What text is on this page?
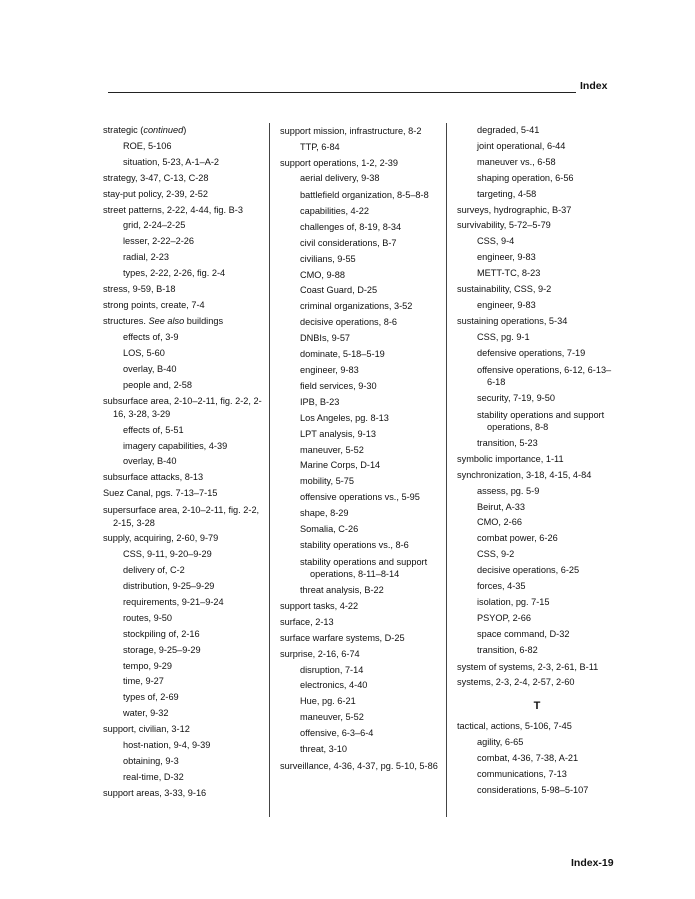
Index
strategic (continued)
ROE, 5-106
situation, 5-23, A-1–A-2
strategy, 3-47, C-13, C-28
stay-put policy, 2-39, 2-52
street patterns, 2-22, 4-44, fig. B-3
grid, 2-24–2-25
lesser, 2-22–2-26
radial, 2-23
types, 2-22, 2-26, fig. 2-4
stress, 9-59, B-18
strong points, create, 7-4
structures. See also buildings
effects of, 3-9
LOS, 5-60
overlay, B-40
people and, 2-58
subsurface area, 2-10–2-11, fig. 2-2, 2-16, 3-28, 3-29
effects of, 5-51
imagery capabilities, 4-39
overlay, B-40
subsurface attacks, 8-13
Suez Canal, pgs. 7-13–7-15
supersurface area, 2-10–2-11, fig. 2-2, 2-15, 3-28
supply, acquiring, 2-60, 9-79
CSS, 9-11, 9-20–9-29
delivery of, C-2
distribution, 9-25–9-29
requirements, 9-21–9-24
routes, 9-50
stockpiling of, 2-16
storage, 9-25–9-29
tempo, 9-29
time, 9-27
types of, 2-69
water, 9-32
support, civilian, 3-12
host-nation, 9-4, 9-39
obtaining, 9-3
real-time, D-32
support areas, 3-33, 9-16
support mission, infrastructure, 8-2
TTP, 6-84
support operations, 1-2, 2-39
aerial delivery, 9-38
battlefield organization, 8-5–8-8
capabilities, 4-22
challenges of, 8-19, 8-34
civil considerations, B-7
civilians, 9-55
CMO, 9-88
Coast Guard, D-25
criminal organizations, 3-52
decisive operations, 8-6
DNBIs, 9-57
dominate, 5-18–5-19
engineer, 9-83
field services, 9-30
IPB, B-23
Los Angeles, pg. 8-13
LPT analysis, 9-13
maneuver, 5-52
Marine Corps, D-14
mobility, 5-75
offensive operations vs., 5-95
shape, 8-29
Somalia, C-26
stability operations vs., 8-6
stability operations and support operations, 8-11–8-14
threat analysis, B-22
support tasks, 4-22
surface, 2-13
surface warfare systems, D-25
surprise, 2-16, 6-74
disruption, 7-14
electronics, 4-40
Hue, pg. 6-21
maneuver, 5-52
offensive, 6-3–6-4
threat, 3-10
surveillance, 4-36, 4-37, pg. 5-10, 5-86
degraded, 5-41
joint operational, 6-44
maneuver vs., 6-58
shaping operation, 6-56
targeting, 4-58
surveys, hydrographic, B-37
survivability, 5-72–5-79
CSS, 9-4
engineer, 9-83
METT-TC, 8-23
sustainability, CSS, 9-2
engineer, 9-83
sustaining operations, 5-34
CSS, pg. 9-1
defensive operations, 7-19
offensive operations, 6-12, 6-13–6-18
security, 7-19, 9-50
stability operations and support operations, 8-8
transition, 5-23
symbolic importance, 1-11
synchronization, 3-18, 4-15, 4-84
assess, pg. 5-9
Beirut, A-33
CMO, 2-66
combat power, 6-26
CSS, 9-2
decisive operations, 6-25
forces, 4-35
isolation, pg. 7-15
PSYOP, 2-66
space command, D-32
transition, 6-82
system of systems, 2-3, 2-61, B-11
systems, 2-3, 2-4, 2-57, 2-60
T
tactical, actions, 5-106, 7-45
agility, 6-65
combat, 4-36, 7-38, A-21
communications, 7-13
considerations, 5-98–5-107
Index-19
